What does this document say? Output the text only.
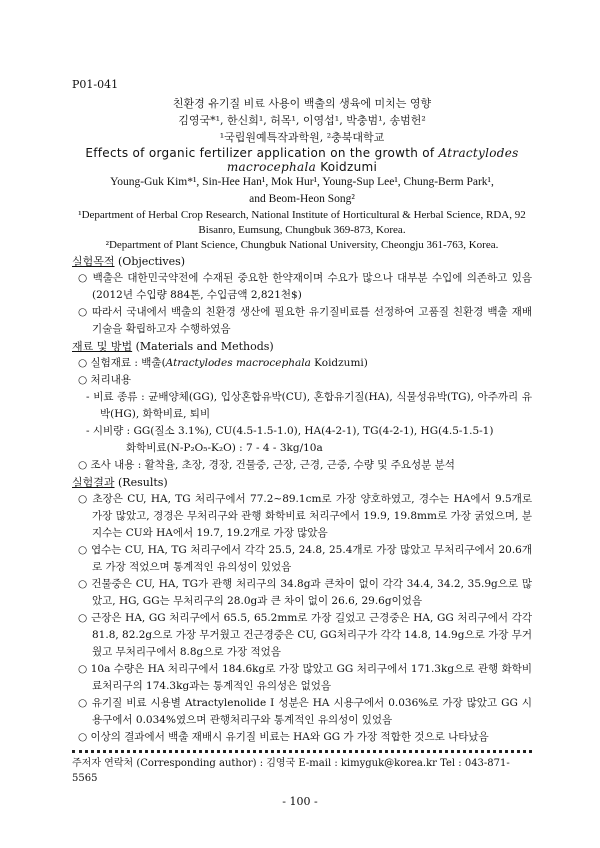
P01-041
친환경 유기질 비료 사용이 백출의 생육에 미치는 영향
김영국*¹, 한신희¹, 허목¹, 이영섭¹, 박충범¹, 송범헌²
¹국립원예특작과학원, ²충북대학교
Effects of organic fertilizer application on the growth of Atractylodes macrocephala Koidzumi
Young-Guk Kim*¹, Sin-Hee Han¹, Mok Hur¹, Young-Sup Lee¹, Chung-Berm Park¹,
and Beom-Heon Song²
¹Department of Herbal Crop Research, National Institute of Horticultural & Herbal Science, RDA, 92 Bisanro, Eumsung, Chungbuk 369-873, Korea.
²Department of Plant Science, Chungbuk National University, Cheongju 361-763, Korea.
실험목적 (Objectives)
○ 백출은 대한민국약전에 수재된 중요한 한약재이며 수요가 많으나 대부분 수입에 의존하고 있음(2012년 수입량 884톤, 수입금액 2,821천$)
○ 따라서 국내에서 백출의 친환경 생산에 필요한 유기질비료를 선정하여 고품질 친환경 백출 재배기술을 확립하고자 수행하였음
재료 및 방법 (Materials and Methods)
○ 실험재료 : 백출(Atractylodes macrocephala Koidzumi)
○ 처리내용
- 비료 종류 : 균배양체(GG), 입상혼합유박(CU), 혼합유기질(HA), 식물성유박(TG), 아주까리 유박(HG), 화학비료, 퇴비
- 시비량 : GG(질소 3.1%), CU(4.5-1.5-1.0), HA(4-2-1), TG(4-2-1), HG(4.5-1.5-1)
화학비료(N-P₂O₅-K₂O) : 7 - 4 - 3kg/10a
○ 조사 내용 : 활착율, 초장, 경장, 건물중, 근장, 근경, 근중, 수량 및 주요성분 분석
실험결과 (Results)
○ 초장은 CU, HA, TG 처리구에서 77.2~89.1cm로 가장 양호하였고, 경수는 HA에서 9.5개로 가장 많았고, 경경은 무처리구와 관행 화학비료 처리구에서 19.9, 19.8mm로 가장 굵었으며, 분지수는 CU와 HA에서 19.7, 19.2개로 가장 많았음
○ 엽수는 CU, HA, TG 처리구에서 각각 25.5, 24.8, 25.4개로 가장 많았고 무처리구에서 20.6개로 가장 적었으며 통계적인 유의성이 있었음
○ 건물중은 CU, HA, TG가 관행 처리구의 34.8g과 큰차이 없이 각각 34.4, 34.2, 35.9g으로 많았고, HG, GG는 무처리구의 28.0g과 큰 차이 없이 26.6, 29.6g이었음
○ 근장은 HA, GG 처리구에서 65.5, 65.2mm로 가장 길었고 근경중은 HA, GG 처리구에서 각각 81.8, 82.2g으로 가장 무거웠고 건근경중은 CU, GG처리구가 각각 14.8, 14.9g으로 가장 무거웠고 무처리구에서 8.8g으로 가장 적었음
○ 10a 수량은 HA 처리구에서 184.6kg로 가장 많았고 GG 처리구에서 171.3kg으로 관행 화학비료처리구의 174.3kg과는 통계적인 유의성은 없었음
○ 유기질 비료 시용별 Atractylenolide I 성분은 HA 시용구에서 0.036%로 가장 많았고 GG 시용구에서 0.034%였으며 관행처리구와 통계적인 유의성이 있었음
○ 이상의 결과에서 백출 재배시 유기질 비료는 HA와 GG 가 가장 적합한 것으로 나타났음
주저자 연락처 (Corresponding author) : 김영국 E-mail : kimyguk@korea.kr Tel : 043-871-5565
- 100 -
